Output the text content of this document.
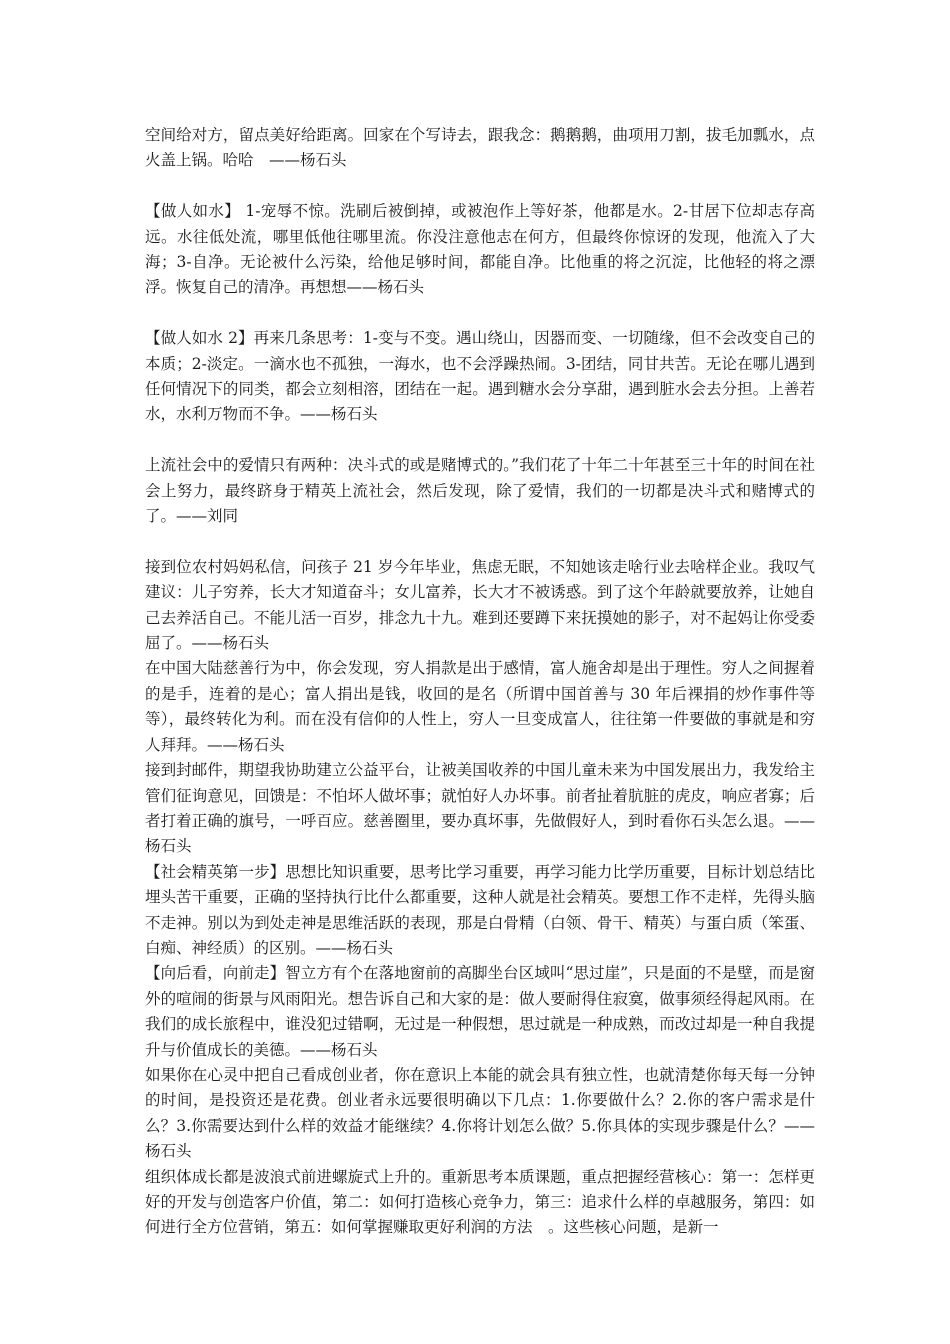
空间给对方，留点美好给距离。回家在个写诗去，跟我念：鹅鹅鹅，曲项用刀割，拔毛加瓢水，点火盖上锅。哈哈　——杨石头

【做人如水】 1-宠辱不惊。洗刷后被倒掉，或被泡作上等好茶，他都是水。2-甘居下位却志存高远。水往低处流，哪里低他往哪里流。你没注意他志在何方，但最终你惊讶的发现，他流入了大海；3-自净。无论被什么污染，给他足够时间，都能自净。比他重的将之沉淀，比他轻的将之漂浮。恢复自己的清净。再想想——杨石头

【做人如水 2】再来几条思考：1-变与不变。遇山绕山，因器而变、一切随缘，但不会改变自己的本质；2-淡定。一滴水也不孤独，一海水，也不会浮躁热闹。3-团结，同甘共苦。无论在哪儿遇到任何情况下的同类，都会立刻相溶，团结在一起。遇到糖水会分享甜，遇到脏水会去分担。上善若水，水利万物而不争。——杨石头

上流社会中的爱情只有两种：决斗式的或是赌博式的。”我们花了十年二十年甚至三十年的时间在社会上努力，最终跻身于精英上流社会，然后发现，除了爱情，我们的一切都是决斗式和赌博式的了。——刘同

接到位农村妈妈私信，问孩子 21 岁今年毕业，焦虑无眠，不知她该走啥行业去啥样企业。我叹气建议：儿子穷养，长大才知道奋斗；女儿富养，长大才不被诱惑。到了这个年龄就要放养，让她自己去养活自己。不能儿活一百岁，排念九十九。难到还要蹲下来抚摸她的影子，对不起妈让你受委屈了。——杨石头

在中国大陆慈善行为中，你会发现，穷人捐款是出于感情，富人施舍却是出于理性。穷人之间握着的是手，连着的是心；富人捐出是钱，收回的是名（所谓中国首善与 30 年后裸捐的炒作事件等等），最终转化为利。而在没有信仰的人性上，穷人一旦变成富人，往往第一件要做的事就是和穷人拜拜。——杨石头

接到封邮件，期望我协助建立公益平台，让被美国收养的中国儿童未来为中国发展出力，我发给主管们征询意见，回馈是：不怕坏人做坏事；就怕好人办坏事。前者扯着肮脏的虎皮，响应者寡；后者打着正确的旗号，一呼百应。慈善圈里，要办真坏事，先做假好人，到时看你石头怎么退。——杨石头

【社会精英第一步】思想比知识重要，思考比学习重要，再学习能力比学历重要，目标计划总结比埋头苦干重要，正确的坚持执行比什么都重要，这种人就是社会精英。要想工作不走样，先得头脑不走神。别以为到处走神是思维活跃的表现，那是白骨精（白领、骨干、精英）与蛋白质（笨蛋、白痴、神经质）的区别。——杨石头

【向后看，向前走】智立方有个在落地窗前的高脚坐台区域叫“思过崖”，只是面的不是壁，而是窗外的喧闹的街景与风雨阳光。想告诉自己和大家的是：做人要耐得住寂寞，做事须经得起风雨。在我们的成长旅程中，谁没犯过错啊，无过是一种假想，思过就是一种成熟，而改过却是一种自我提升与价值成长的美德。——杨石头

如果你在心灵中把自己看成创业者，你在意识上本能的就会具有独立性，也就清楚你每天每一分钟的时间，是投资还是花费。创业者永远要很明确以下几点：1.你要做什么？2.你的客户需求是什么？3.你需要达到什么样的效益才能继续？4.你将计划怎么做？5.你具体的实现步骤是什么？——杨石头

组织体成长都是波浪式前进螺旋式上升的。重新思考本质课题，重点把握经营核心：第一：怎样更好的开发与创造客户价值，第二：如何打造核心竞争力，第三：追求什么样的卓越服务，第四：如何进行全方位营销，第五：如何掌握赚取更好利润的方法　。这些核心问题，是新一
